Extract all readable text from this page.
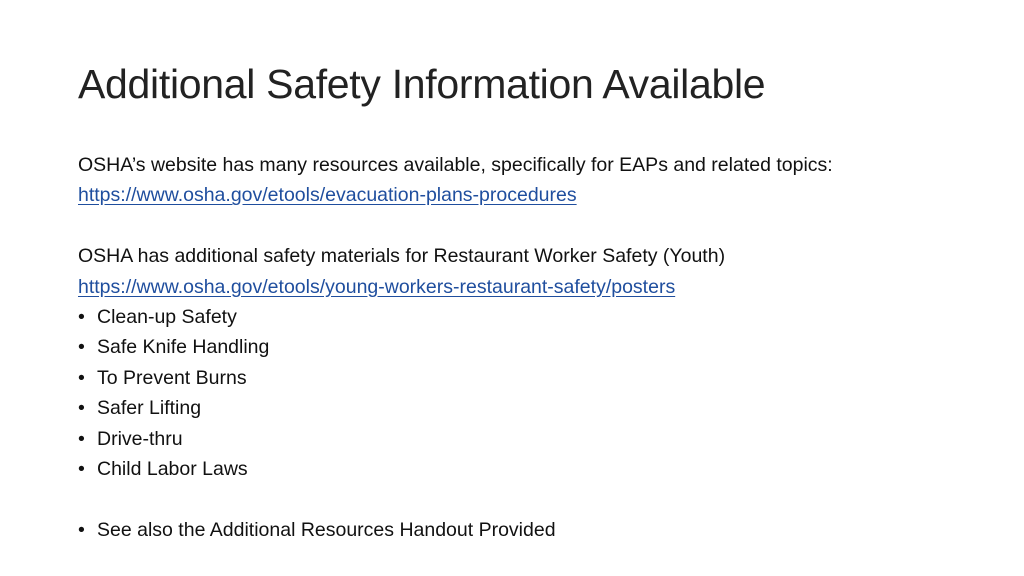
Additional Safety Information Available
OSHA’s website has many resources available, specifically for EAPs and related topics:
https://www.osha.gov/etools/evacuation-plans-procedures
OSHA has additional safety materials for Restaurant Worker Safety (Youth)
https://www.osha.gov/etools/young-workers-restaurant-safety/posters
• Clean-up Safety
• Safe Knife Handling
• To Prevent Burns
• Safer Lifting
• Drive-thru
• Child Labor Laws
• See also the Additional Resources Handout Provided
